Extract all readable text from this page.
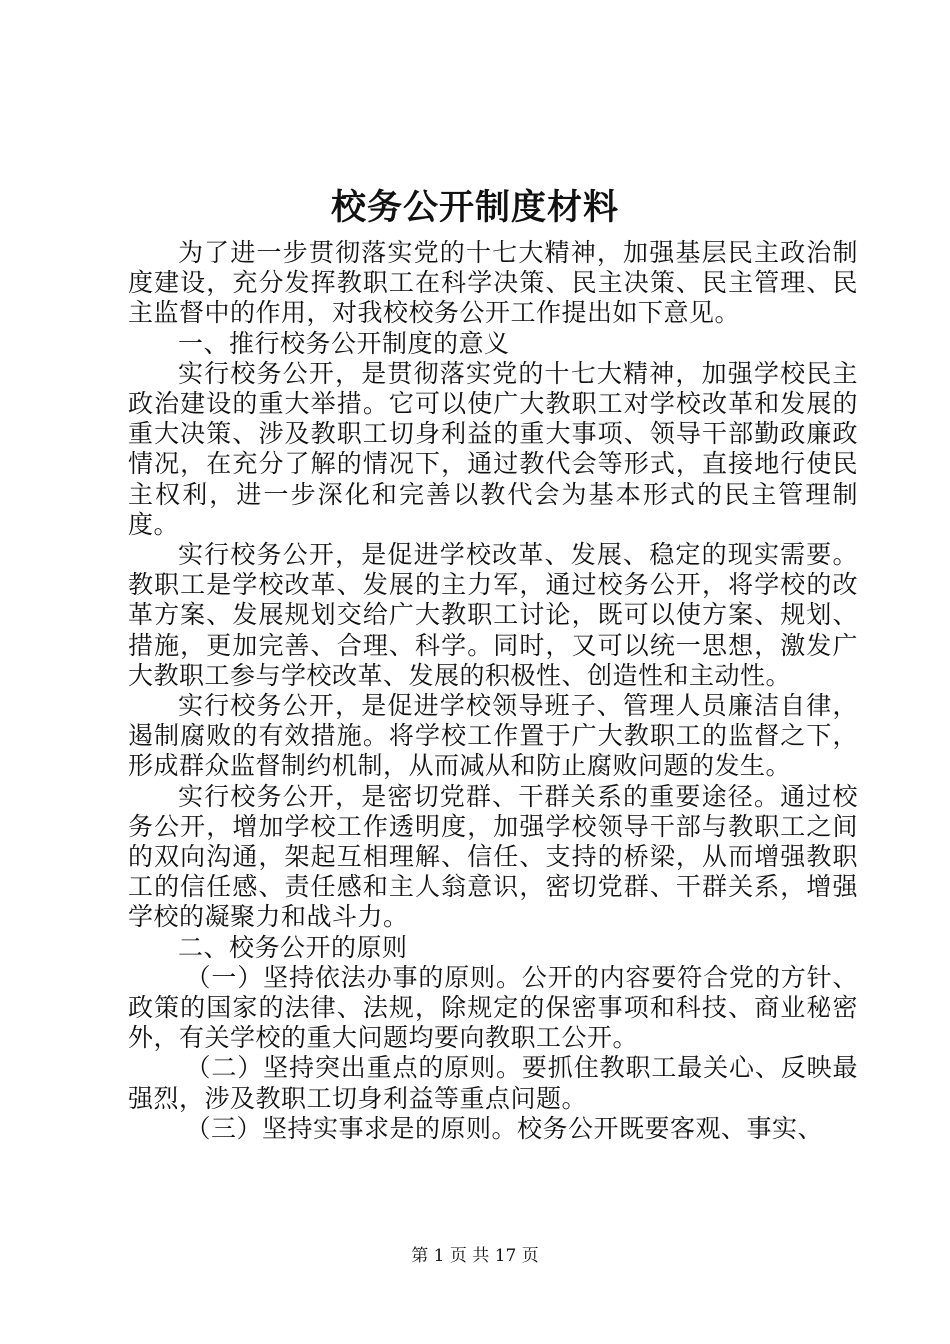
校务公开制度材料

为了进一步贯彻落实党的十七大精神，加强基层民主政治制度建设，充分发挥教职工在科学决策、民主决策、民主管理、民主监督中的作用，对我校校务公开工作提出如下意见。

一、推行校务公开制度的意义

实行校务公开，是贯彻落实党的十七大精神，加强学校民主政治建设的重大举措。它可以使广大教职工对学校改革和发展的重大决策、涉及教职工切身利益的重大事项、领导干部勤政廉政情况，在充分了解的情况下，通过教代会等形式，直接地行使民主权利，进一步深化和完善以教代会为基本形式的民主管理制度。

实行校务公开，是促进学校改革、发展、稳定的现实需要。教职工是学校改革、发展的主力军，通过校务公开，将学校的改革方案、发展规划交给广大教职工讨论，既可以使方案、规划、措施，更加完善、合理、科学。同时，又可以统一思想，激发广大教职工参与学校改革、发展的积极性、创造性和主动性。

实行校务公开，是促进学校领导班子、管理人员廉洁自律，遏制腐败的有效措施。将学校工作置于广大教职工的监督之下，形成群众监督制约机制，从而减从和防止腐败问题的发生。

实行校务公开，是密切党群、干群关系的重要途径。通过校务公开，增加学校工作透明度，加强学校领导干部与教职工之间的双向沟通，架起互相理解、信任、支持的桥梁，从而增强教职工的信任感、责任感和主人翁意识，密切党群、干群关系，增强学校的凝聚力和战斗力。

二、校务公开的原则

（一）坚持依法办事的原则。公开的内容要符合党的方针、政策的国家的法律、法规，除规定的保密事项和科技、商业秘密外，有关学校的重大问题均要向教职工公开。

（二）坚持突出重点的原则。要抓住教职工最关心、反映最强烈，涉及教职工切身利益等重点问题。

（三）坚持实事求是的原则。校务公开既要客观、事实、

第 1 页 共 17 页
